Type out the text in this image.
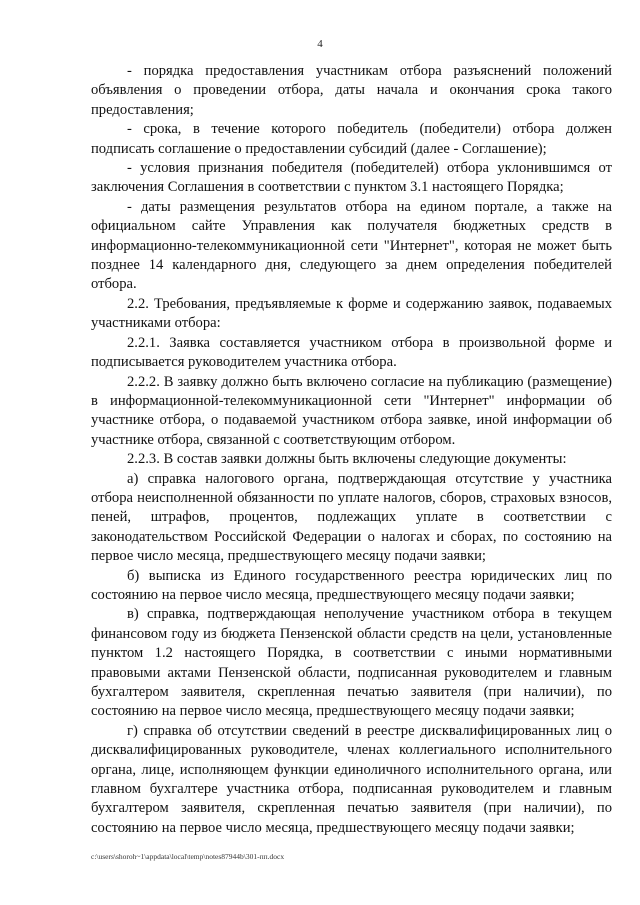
4

- порядка предоставления участникам отбора разъяснений положений объявления о проведении отбора, даты начала и окончания срока такого предоставления;

- срока, в течение которого победитель (победители) отбора должен подписать соглашение о предоставлении субсидий (далее - Соглашение);

- условия признания победителя (победителей) отбора уклонившимся от заключения Соглашения в соответствии с пунктом 3.1 настоящего Порядка;

- даты размещения результатов отбора на едином портале, а также на официальном сайте Управления как получателя бюджетных средств в информационно-телекоммуникационной сети "Интернет", которая не может быть позднее 14 календарного дня, следующего за днем определения победителей отбора.

2.2. Требования, предъявляемые к форме и содержанию заявок, подаваемых участниками отбора:

2.2.1. Заявка составляется участником отбора в произвольной форме и подписывается руководителем участника отбора.

2.2.2. В заявку должно быть включено согласие на публикацию (размещение) в информационной-телекоммуникационной сети "Интернет" информации об участнике отбора, о подаваемой участником отбора заявке, иной информации об участнике отбора, связанной с соответствующим отбором.

2.2.3. В состав заявки должны быть включены следующие документы:

а) справка налогового органа, подтверждающая отсутствие у участника отбора неисполненной обязанности по уплате налогов, сборов, страховых взносов, пеней, штрафов, процентов, подлежащих уплате в соответствии с законодательством Российской Федерации о налогах и сборах, по состоянию на первое число месяца, предшествующего месяцу подачи заявки;

б) выписка из Единого государственного реестра юридических лиц по состоянию на первое число месяца, предшествующего месяцу подачи заявки;

в) справка, подтверждающая неполучение участником отбора в текущем финансовом году из бюджета Пензенской области средств на цели, установленные пунктом 1.2 настоящего Порядка, в соответствии с иными нормативными правовыми актами Пензенской области, подписанная руководителем и главным бухгалтером заявителя, скрепленная печатью заявителя (при наличии), по состоянию на первое число месяца, предшествующего месяцу подачи заявки;

г) справка об отсутствии сведений в реестре дисквалифицированных лиц о дисквалифицированных руководителе, членах коллегиального исполнительного органа, лице, исполняющем функции единоличного исполнительного органа, или главном бухгалтере участника отбора, подписанная руководителем и главным бухгалтером заявителя, скрепленная печатью заявителя (при наличии), по состоянию на первое число месяца, предшествующего месяцу подачи заявки;

c:\users\shoroh~1\appdata\local\temp\notes87944b\301-пп.docx
